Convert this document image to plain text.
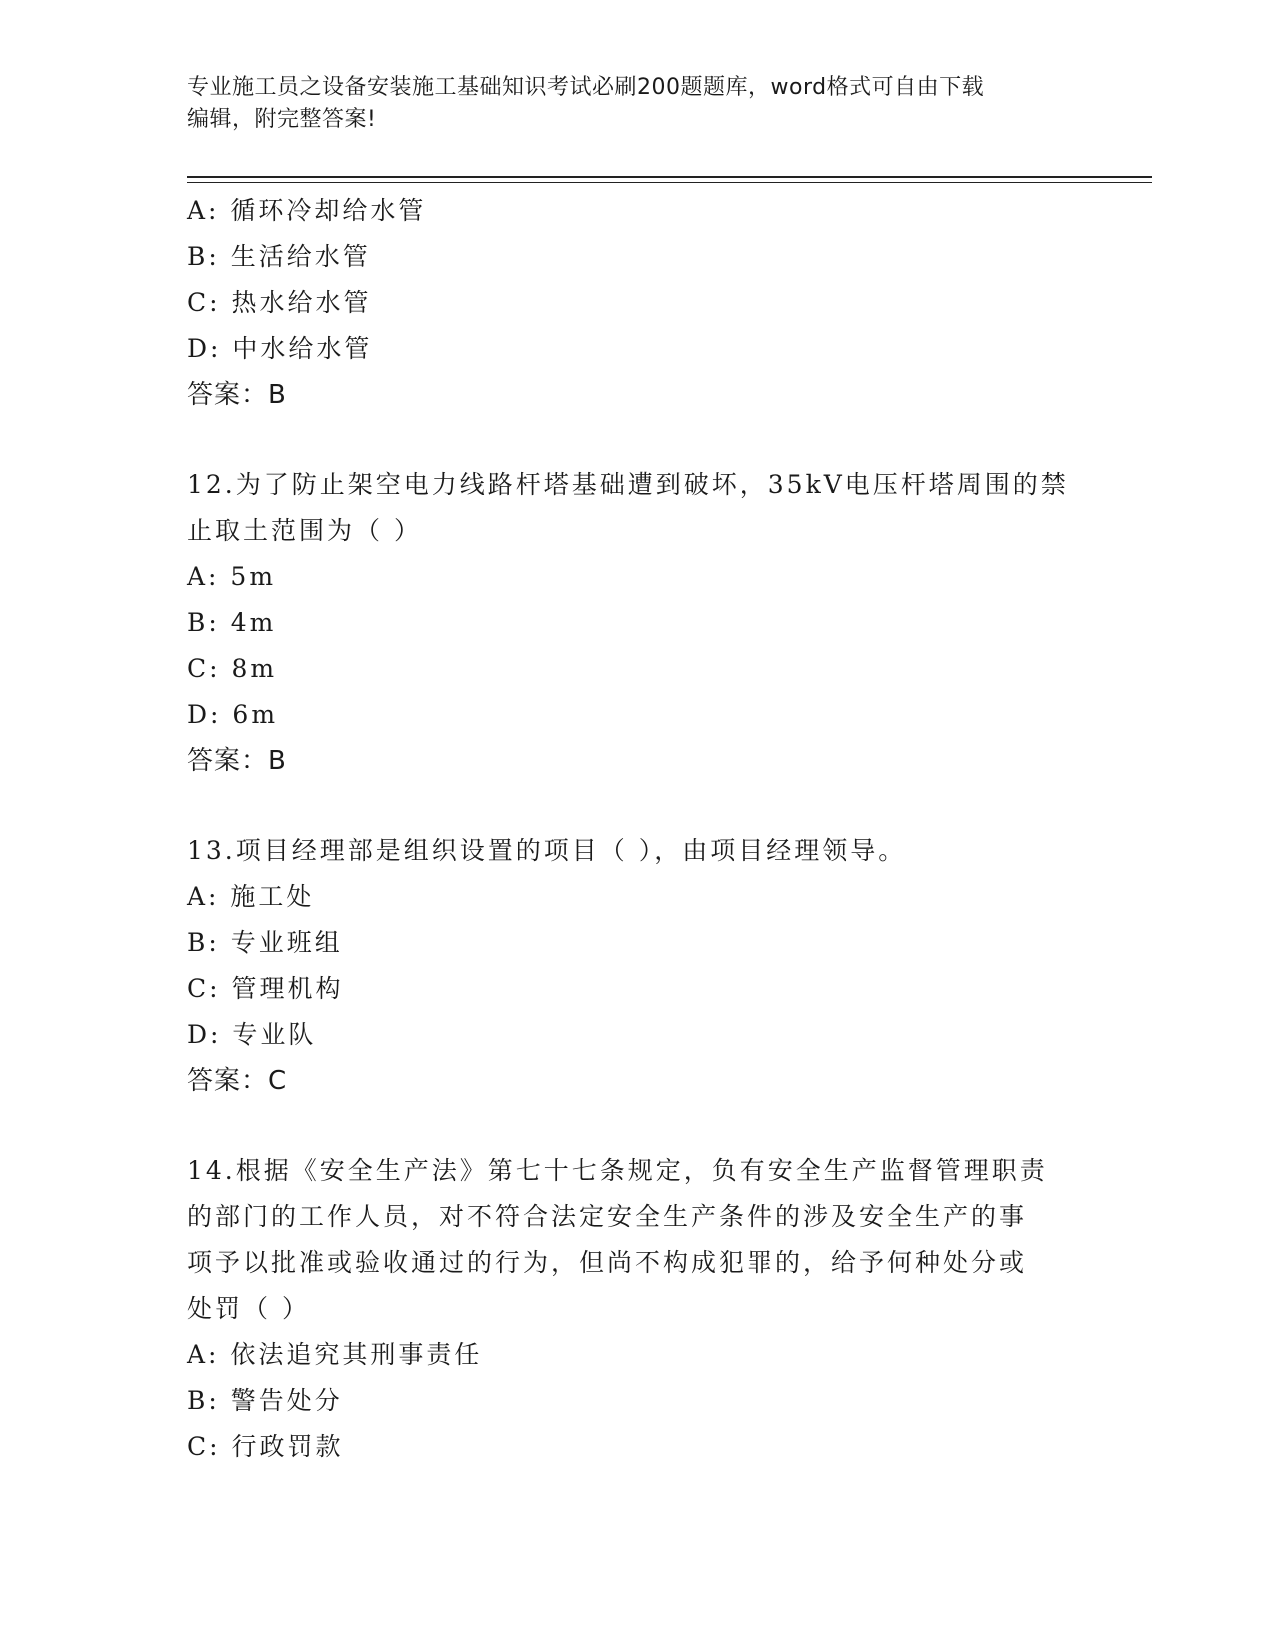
专业施工员之设备安装施工基础知识考试必刷200题题库，word格式可自由下载
编辑，附完整答案!
A: 循环冷却给水管
B: 生活给水管
C: 热水给水管
D: 中水给水管
答案：B
12.为了防止架空电力线路杆塔基础遭到破坏，35kV电压杆塔周围的禁
止取土范围为（ ）
A: 5m
B: 4m
C: 8m
D: 6m
答案：B
13.项目经理部是组织设置的项目（ ），由项目经理领导。
A: 施工处
B: 专业班组
C: 管理机构
D: 专业队
答案：C
14.根据《安全生产法》第七十七条规定，负有安全生产监督管理职责
的部门的工作人员，对不符合法定安全生产条件的涉及安全生产的事
项予以批准或验收通过的行为，但尚不构成犯罪的，给予何种处分或
处罚（ ）
A: 依法追究其刑事责任
B: 警告处分
C: 行政罚款
